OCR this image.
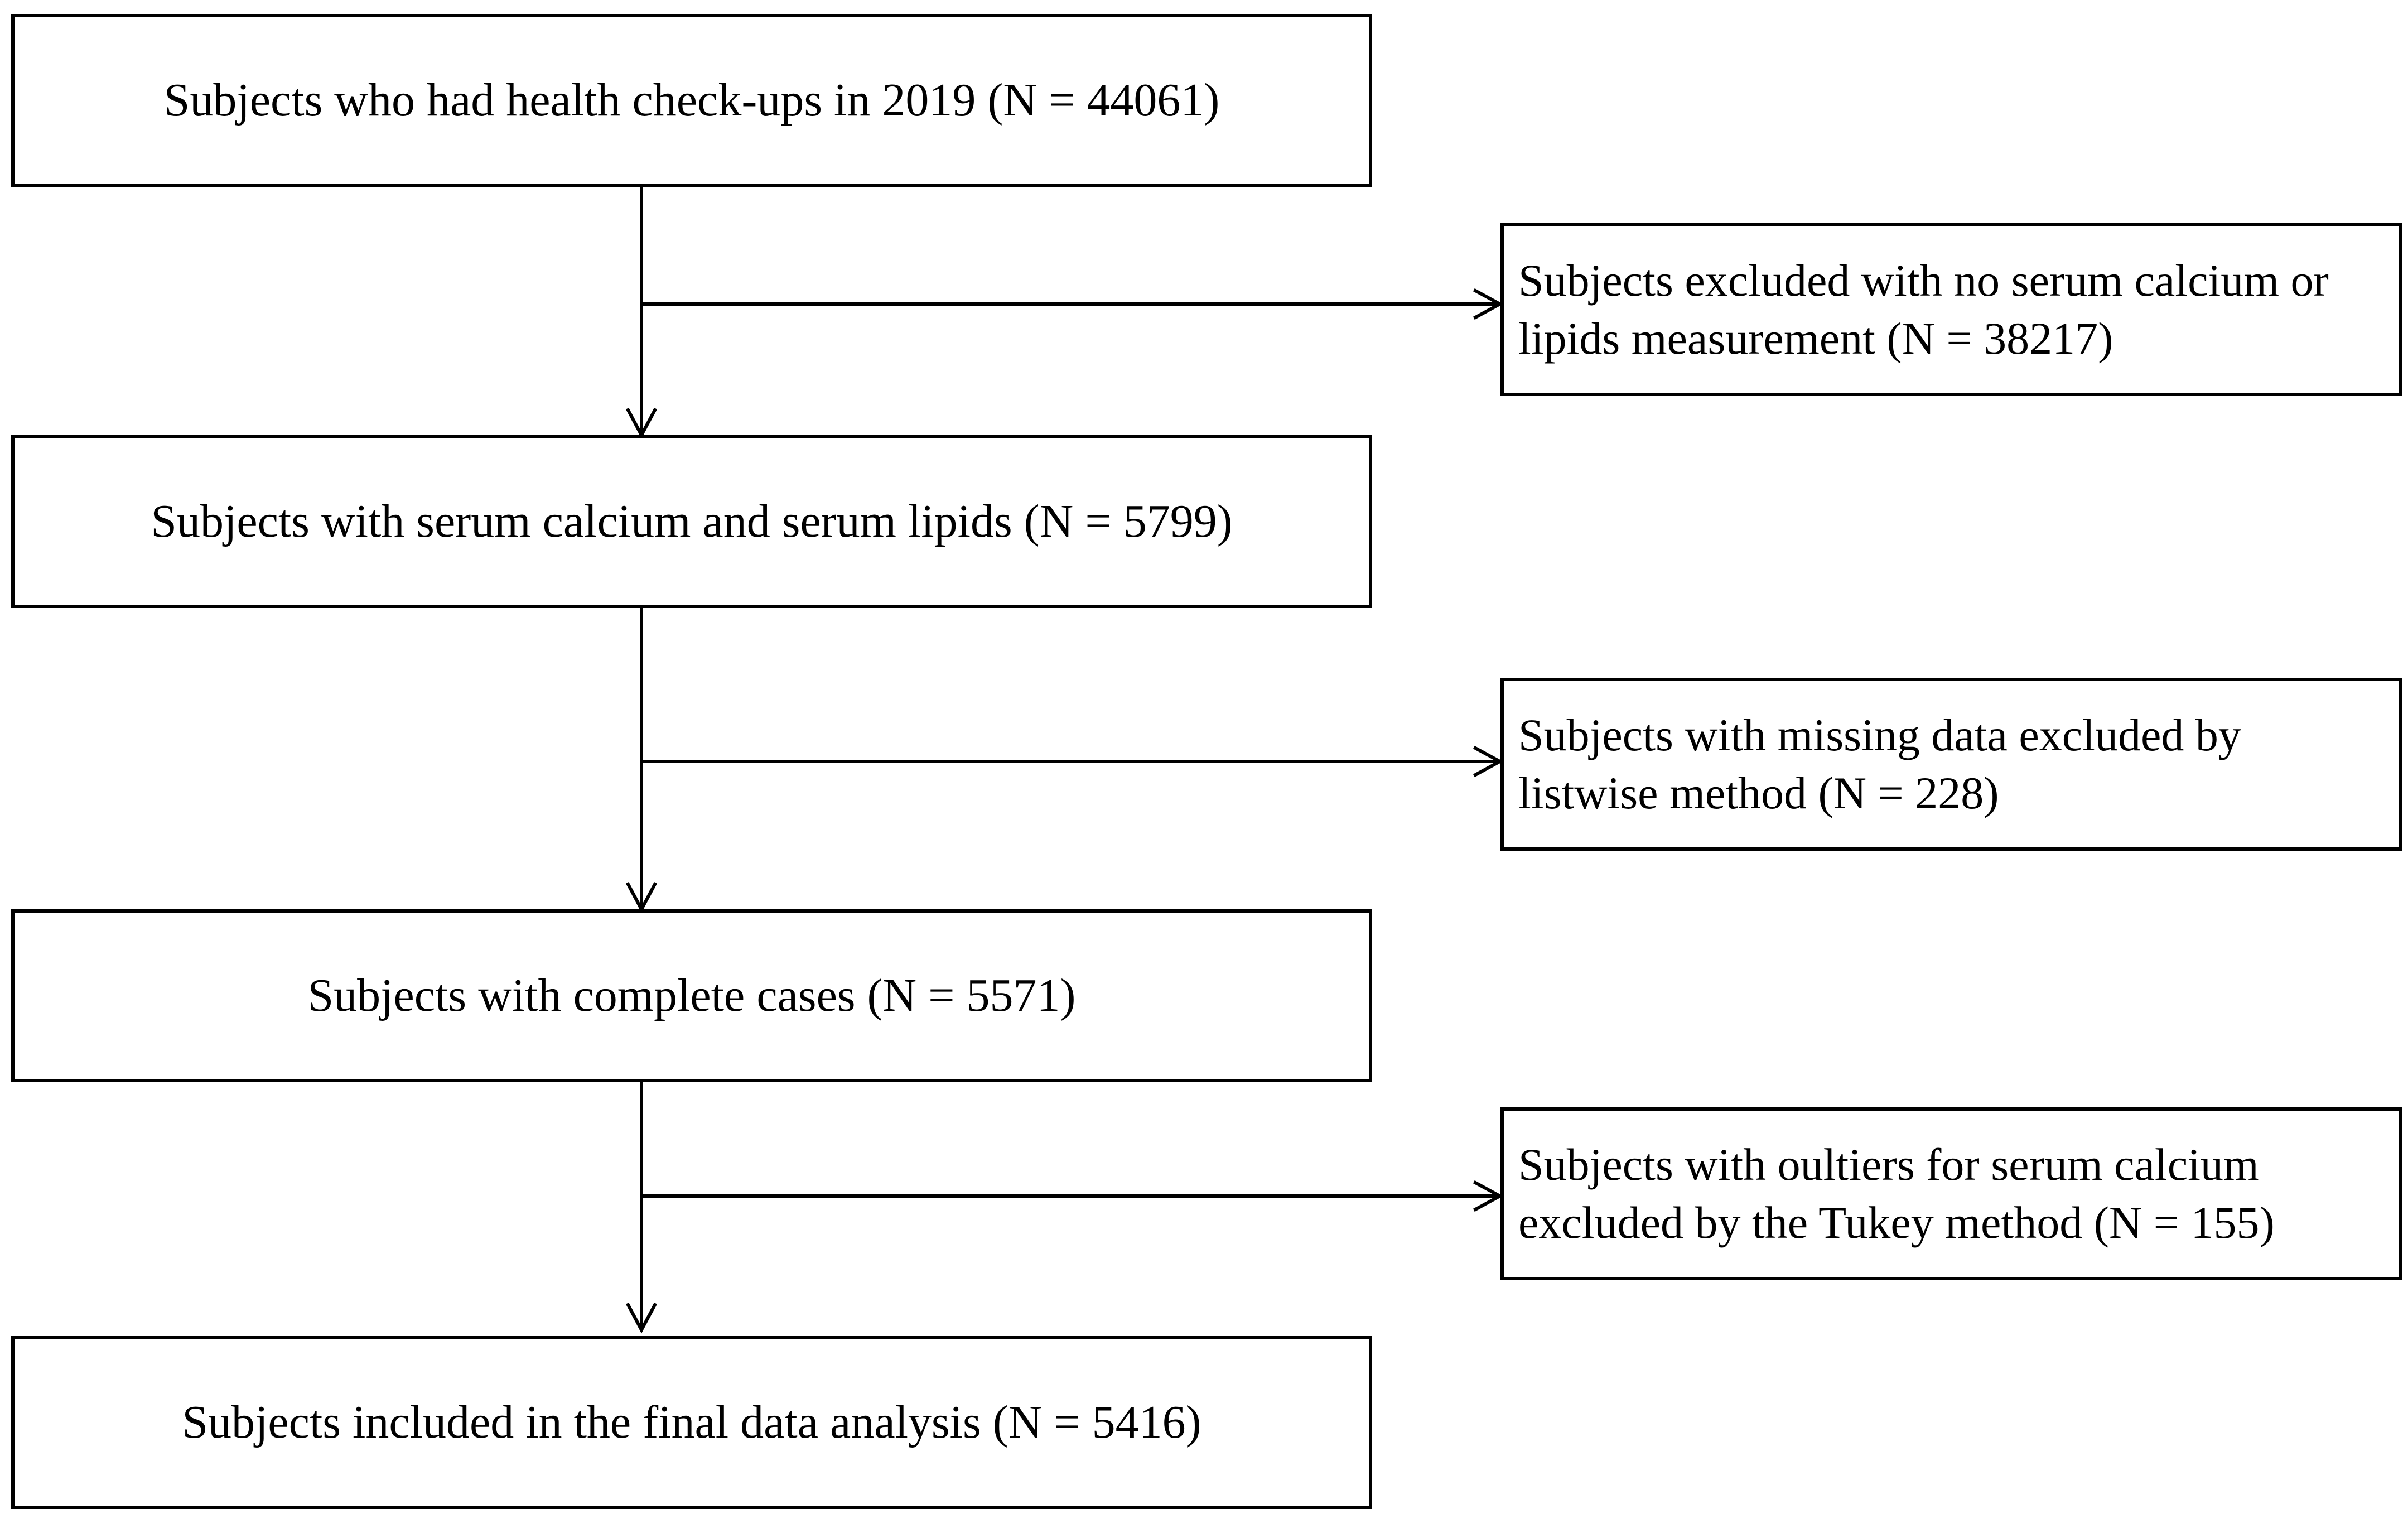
Subjects who had health check-ups in 2019 (N = 44061)
Subjects with serum calcium and serum lipids (N = 5799)
Subjects with complete cases (N = 5571)
Subjects included in the final data analysis (N = 5416)
Subjects excluded with no serum calcium or
lipids measurement (N = 38217)
Subjects with missing data excluded by
listwise method (N = 228)
Subjects with oultiers for serum calcium
excluded by the Tukey method (N = 155)
